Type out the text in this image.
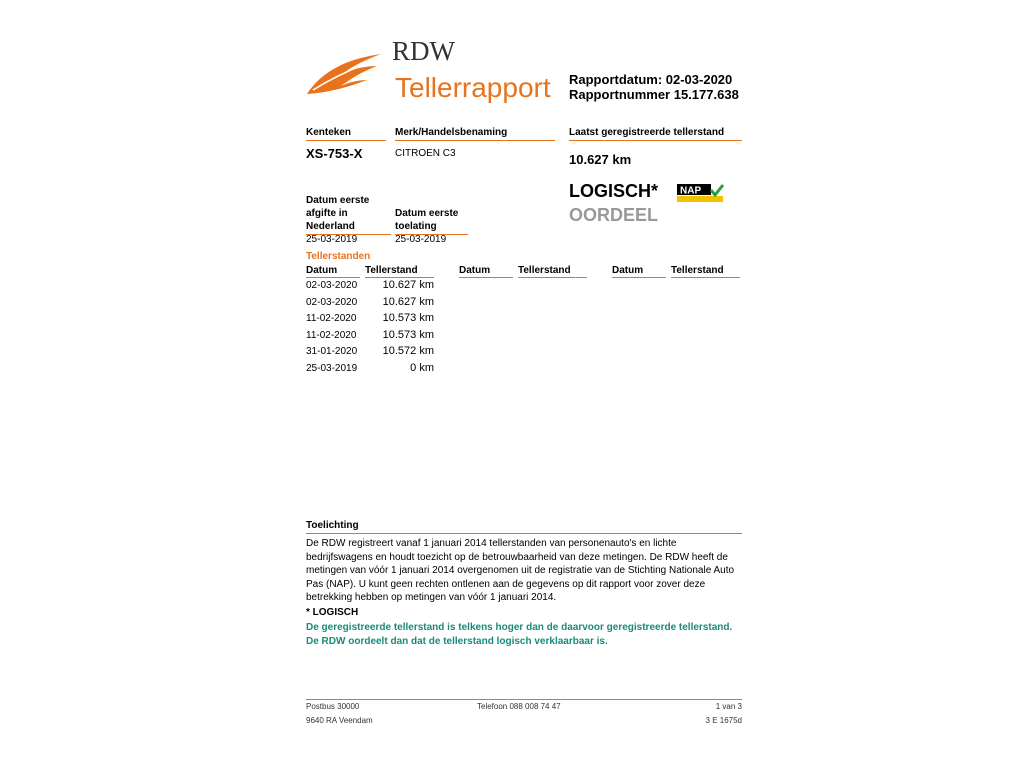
RDW
Tellerrapport Rapportdatum: 02-03-2020
Rapportnummer 15.177.638
Kenteken
XS-753-X
Merk/Handelsbenaming
CITROEN C3
Laatst geregistreerde tellerstand
10.627 km
LOGISCH*
OORDEEL
NAP
Datum eerste
afgifte in
Nederland
25-03-2019
Datum eerste
toelating
25-03-2019
Tellerstanden
Datum	Tellerstand	Datum	Tellerstand	Datum	Tellerstand
02-03-2020	10.627 km
02-03-2020	10.627 km
11-02-2020	10.573 km
11-02-2020	10.573 km
31-01-2020	10.572 km
25-03-2019	0 km
Toelichting
De RDW registreert vanaf 1 januari 2014 tellerstanden van personenauto's en lichte bedrijfswagens en houdt toezicht op de betrouwbaarheid van deze metingen. De RDW heeft de metingen van vóór 1 januari 2014 overgenomen uit de registratie van de Stichting Nationale Auto Pas (NAP). U kunt geen rechten ontlenen aan de gegevens op dit rapport voor zover deze betrekking hebben op metingen van vóór 1 januari 2014.
* LOGISCH
De geregistreerde tellerstand is telkens hoger dan de daarvoor geregistreerde tellerstand. De RDW oordeelt dan dat de tellerstand logisch verklaarbaar is.
Postbus 30000
9640 RA Veendam
Telefoon 088 008 74 47	1 van 3
3 E 1675d
